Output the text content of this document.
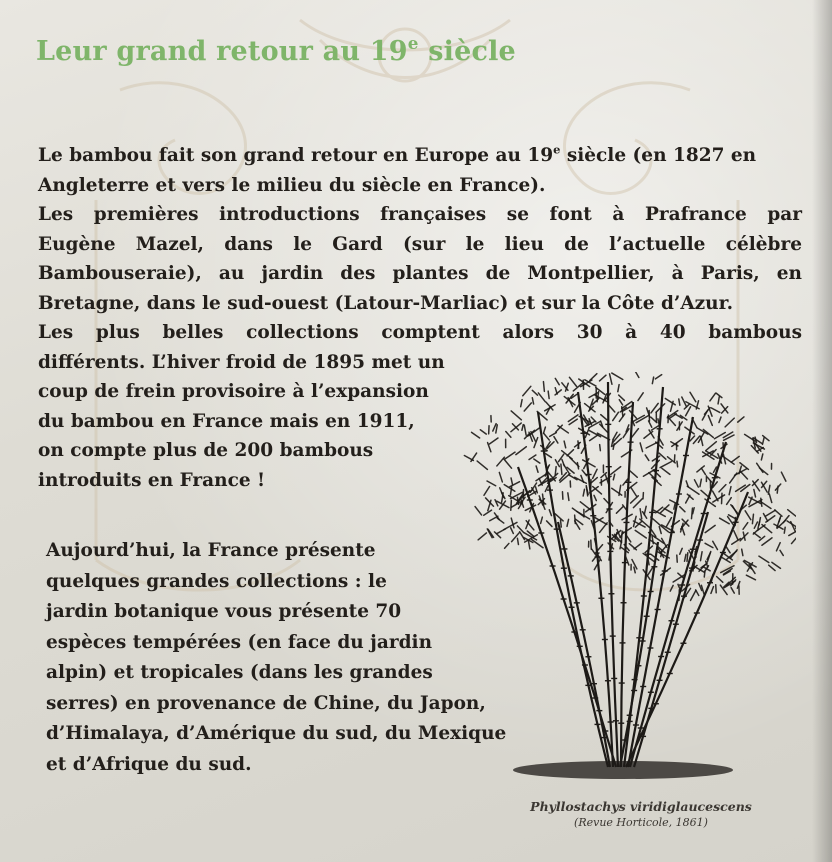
Leur grand retour au 19e siècle
Le bambou fait son grand retour en Europe au 19e siècle (en 1827 en
Angleterre et vers le milieu du siècle en France).
Les premières introductions françaises se font à Prafrance par
Eugène Mazel, dans le Gard (sur le lieu de l’actuelle célèbre
Bambouseraie), au jardin des plantes de Montpellier, à Paris, en
Bretagne, dans le sud-ouest (Latour-Marliac) et sur la Côte d’Azur.
Les plus belles collections comptent alors 30 à 40 bambous
différents. L’hiver froid de 1895 met un
coup de frein provisoire à l’expansion
du bambou en France mais en 1911,
on compte plus de 200 bambous
introduits en France !
Aujourd’hui, la France présente
quelques grandes collections : le
jardin botanique vous présente 70
espèces tempérées (en face du jardin
alpin) et tropicales (dans les grandes
serres) en provenance de Chine, du Japon,
d’Himalaya, d’Amérique du sud, du Mexique
et d’Afrique du sud.
Phyllostachys viridiglaucescens
(Revue Horticole, 1861)
